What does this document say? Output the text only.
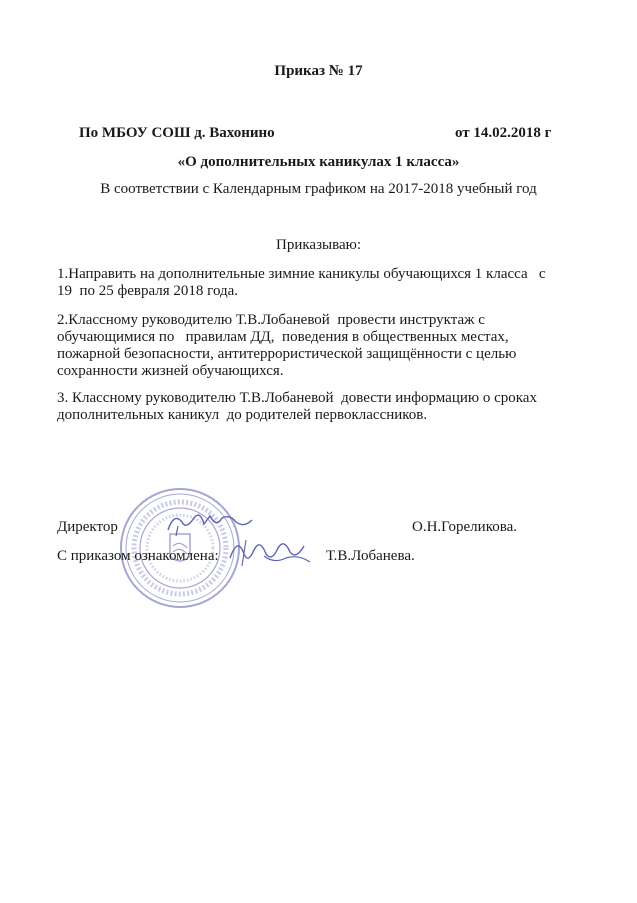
Приказ № 17

По МБОУ СОШ д. Вахонино	от 14.02.2018 г

«О дополнительных каникулах 1 класса»

В соответствии с Календарным графиком на 2017-2018 учебный год

Приказываю:

1.Направить на дополнительные зимние каникулы обучающихся 1 класса   с
19  по 25 февраля 2018 года.

2.Классному руководителю Т.В.Лобаневой  провести инструктаж с
обучающимися по   правилам ДД,  поведения в общественных местах,
пожарной безопасности, антитеррористической защищённости с целью
сохранности жизней обучающихся.

3. Классному руководителю Т.В.Лобаневой  довести информацию о сроках
дополнительных каникул  до родителей первоклассников.

Директор	О.Н.Гореликова.

С приказом ознакомлена:	Т.В.Лобанева.
